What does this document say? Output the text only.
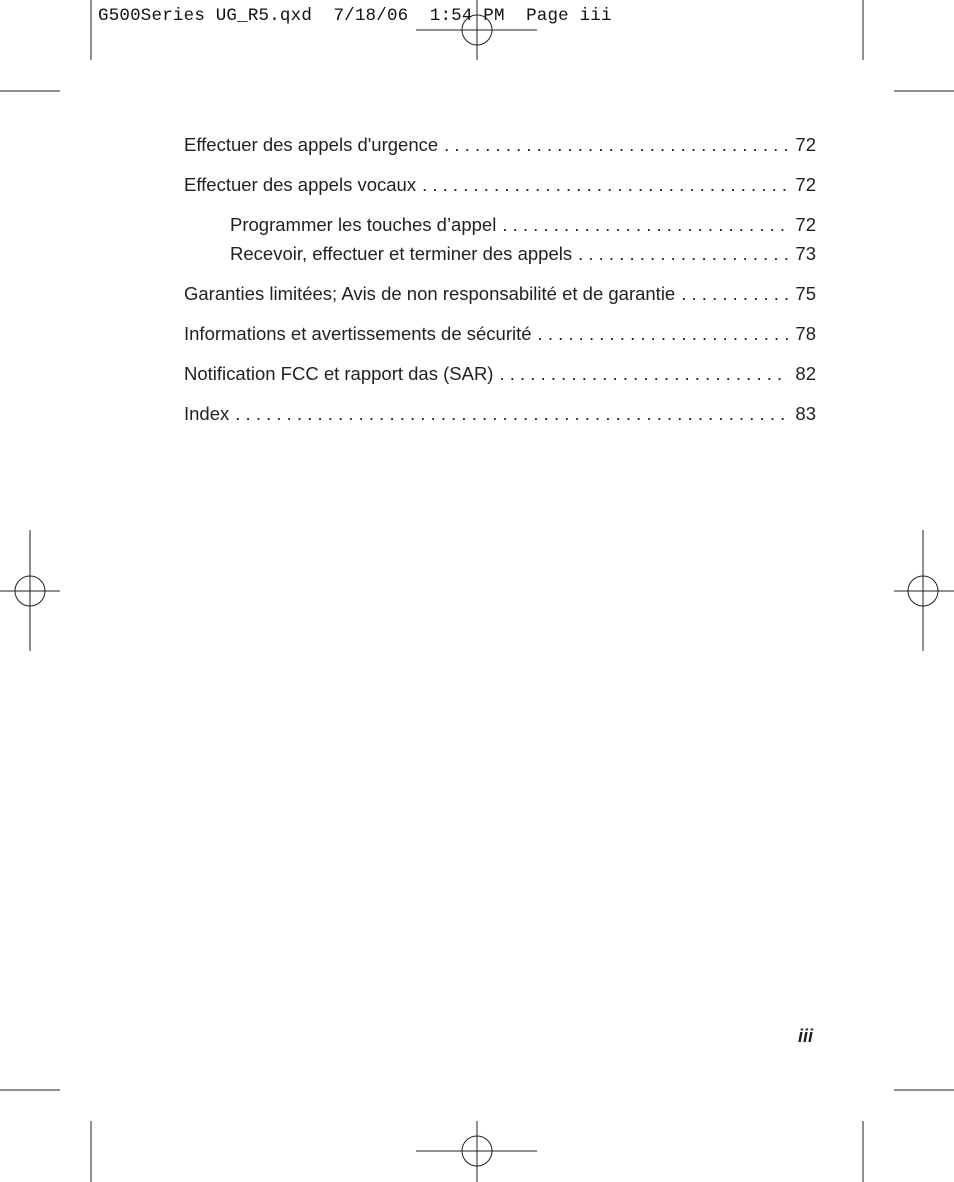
G500Series UG_R5.qxd  7/18/06  1:54 PM  Page iii
Effectuer des appels d'urgence . . .	72
Effectuer des appels vocaux . . .	72
Programmer les touches d’appel . . .	72
Recevoir, effectuer et terminer des appels . . .	73
Garanties limitées; Avis de non responsabilité et de garantie . . .	75
Informations et avertissements de sécurité . . .	78
Notification FCC et rapport das (SAR) . . .	82
Index . . .	83
iii
